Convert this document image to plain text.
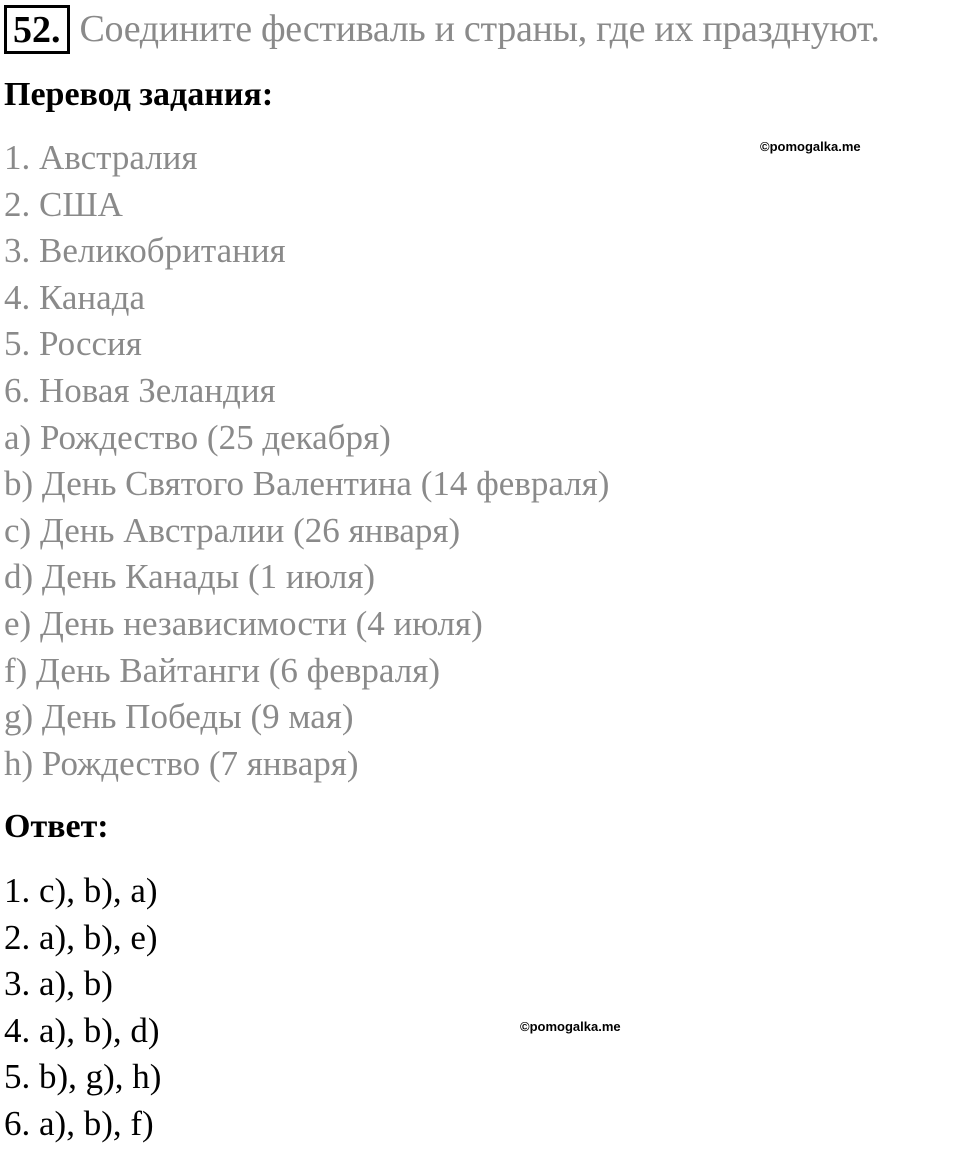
52. Соедините фестиваль и страны, где их празднуют.
Перевод задания:
1. Австралия
2. США
3. Великобритания
4. Канада
5. Россия
6. Новая Зеландия
a) Рождество (25 декабря)
b) День Святого Валентина (14 февраля)
c) День Австралии (26 января)
d) День Канады (1 июля)
e) День независимости (4 июля)
f) День Вайтанги (6 февраля)
g) День Победы (9 мая)
h) Рождество (7 января)
Ответ:
1. c), b), a)
2. a), b), e)
3. a), b)
4. a), b), d)
5. b), g), h)
6. a), b), f)
©pomogalka.me
©pomogalka.me
